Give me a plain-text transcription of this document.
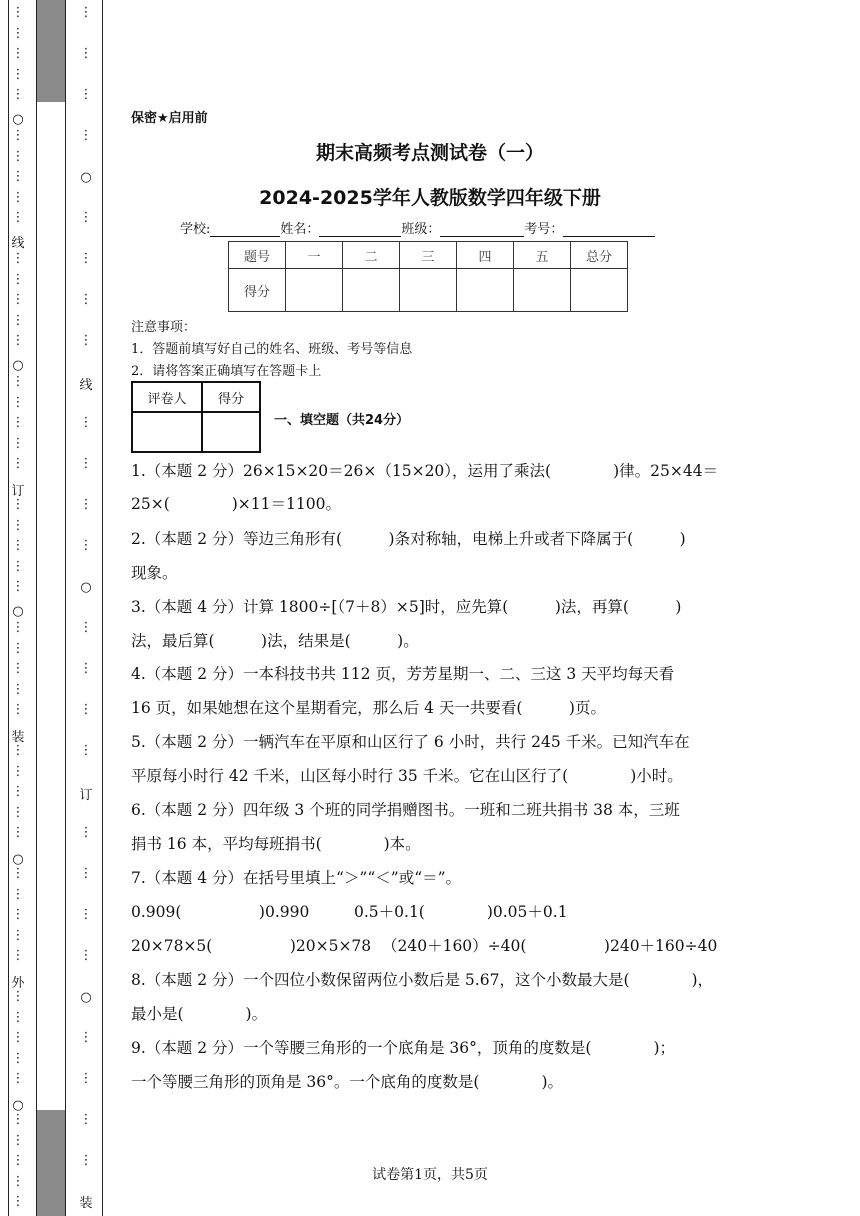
⋮
⋮
⋮
⋮
⋮
⋮
⋮
⋮
⋮
⋮
⋮
⋮
⋮
⋮
⋮
⋮
⋮
⋮
⋮
⋮
⋮
⋮
⋮
⋮
⋮
⋮
⋮
⋮
⋮
⋮
⋮
⋮
⋮
⋮
⋮
⋮
⋮
⋮
⋮
⋮
⋮
⋮
⋮
⋮
⋮
⋮
⋮
⋮
⋮
⋮
○
○
○
○
○
线
订
装
外
⋮
⋮
⋮
⋮
⋮
⋮
⋮
⋮
⋮
⋮
⋮
⋮
⋮
⋮
⋮
⋮
⋮
⋮
⋮
⋮
⋮
⋮
⋮
⋮
○
○
○
线
订
装
保密★启用前
期末高频考点测试卷（一）
2024-2025学年人教版数学四年级下册
学校:	姓名：	班级：	考号：
题号	一	二	三	四	五	总分
得分						
注意事项：
1．答题前填写好自己的姓名、班级、考号等信息
2．请将答案正确填写在答题卡上
评卷人	得分

一、填空题（共24分）
1.（本题 2 分）26×15×20＝26×（15×20），运用了乘法(　　　　)律。25×44＝
25×(　　　　)×11＝1100。
2.（本题 2 分）等边三角形有(　　　)条对称轴，电梯上升或者下降属于(　　　)
现象。
3.（本题 4 分）计算 1800÷[（7＋8）×5]时，应先算(　　　)法，再算(　　　)
法，最后算(　　　)法，结果是(　　　)。
4.（本题 2 分）一本科技书共 112 页，芳芳星期一、二、三这 3 天平均每天看
16 页，如果她想在这个星期看完，那么后 4 天一共要看(　　　)页。
5.（本题 2 分）一辆汽车在平原和山区行了 6 小时，共行 245 千米。已知汽车在
平原每小时行 42 千米，山区每小时行 35 千米。它在山区行了(　　　　)小时。
6.（本题 2 分）四年级 3 个班的同学捐赠图书。一班和二班共捐书 38 本，三班
捐书 16 本，平均每班捐书(　　　　)本。
7.（本题 4 分）在括号里填上“＞”“＜”或“＝”。
0.909(　　　　　)0.990	0.5＋0.1(　　　　)0.05＋0.1
20×78×5(　　　　　)20×5×78 （240＋160）÷40(　　　　　)240＋160÷40
8.（本题 2 分）一个四位小数保留两位小数后是 5.67，这个小数最大是(　　　　)，
最小是(　　　　)。
9.（本题 2 分）一个等腰三角形的一个底角是 36°，顶角的度数是(　　　　)；
一个等腰三角形的顶角是 36°。一个底角的度数是(　　　　)。
试卷第1页，共5页
